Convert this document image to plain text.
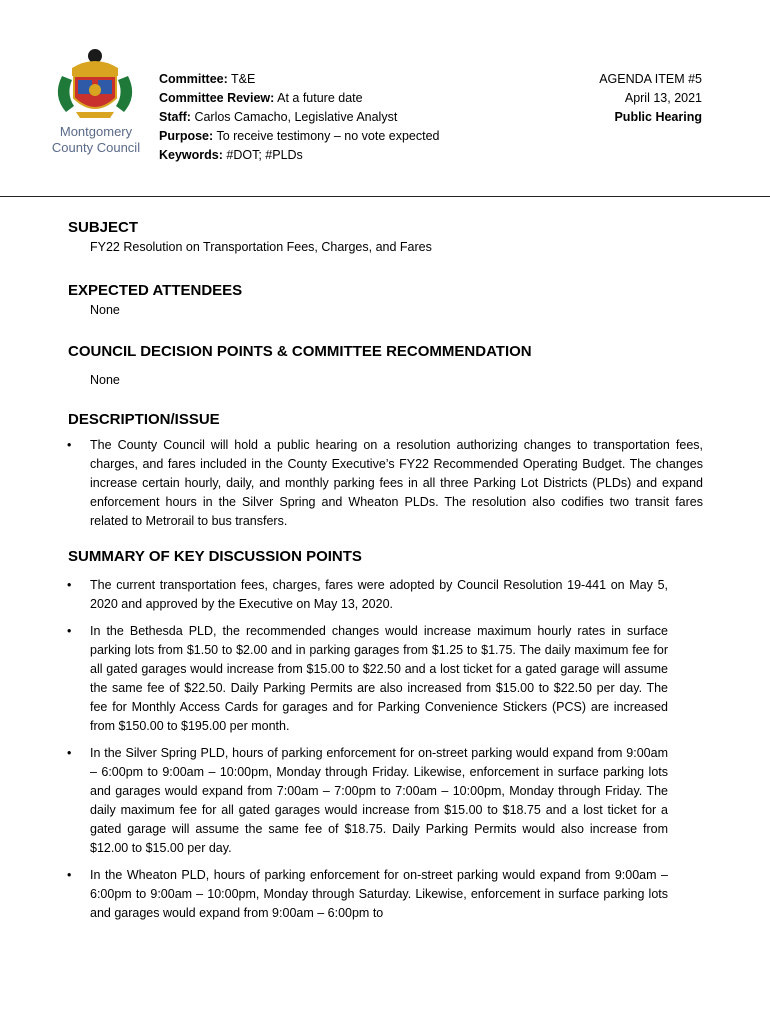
Montgomery
County Council
Committee: T&E
Committee Review: At a future date
Staff: Carlos Camacho, Legislative Analyst
Purpose: To receive testimony – no vote expected
Keywords: #DOT; #PLDs
AGENDA ITEM #5
April 13, 2021
Public Hearing
SUBJECT
FY22 Resolution on Transportation Fees, Charges, and Fares
EXPECTED ATTENDEES
None
COUNCIL DECISION POINTS & COMMITTEE RECOMMENDATION
None
DESCRIPTION/ISSUE
• The County Council will hold a public hearing on a resolution authorizing changes to transportation fees, charges, and fares included in the County Executive’s FY22 Recommended Operating Budget. The changes increase certain hourly, daily, and monthly parking fees in all three Parking Lot Districts (PLDs) and expand enforcement hours in the Silver Spring and Wheaton PLDs. The resolution also codifies two transit fares related to Metrorail to bus transfers.
SUMMARY OF KEY DISCUSSION POINTS
• The current transportation fees, charges, fares were adopted by Council Resolution 19-441 on May 5, 2020 and approved by the Executive on May 13, 2020.
• In the Bethesda PLD, the recommended changes would increase maximum hourly rates in surface parking lots from $1.50 to $2.00 and in parking garages from $1.25 to $1.75. The daily maximum fee for all gated garages would increase from $15.00 to $22.50 and a lost ticket for a gated garage will assume the same fee of $22.50. Daily Parking Permits are also increased from $15.00 to $22.50 per day. The fee for Monthly Access Cards for garages and for Parking Convenience Stickers (PCS) are increased from $150.00 to $195.00 per month.
• In the Silver Spring PLD, hours of parking enforcement for on-street parking would expand from 9:00am – 6:00pm to 9:00am – 10:00pm, Monday through Friday. Likewise, enforcement in surface parking lots and garages would expand from 7:00am – 7:00pm to 7:00am – 10:00pm, Monday through Friday. The daily maximum fee for all gated garages would increase from $15.00 to $18.75 and a lost ticket for a gated garage will assume the same fee of $18.75. Daily Parking Permits would also increase from $12.00 to $15.00 per day.
• In the Wheaton PLD, hours of parking enforcement for on-street parking would expand from 9:00am – 6:00pm to 9:00am – 10:00pm, Monday through Saturday. Likewise, enforcement in surface parking lots and garages would expand from 9:00am – 6:00pm to
